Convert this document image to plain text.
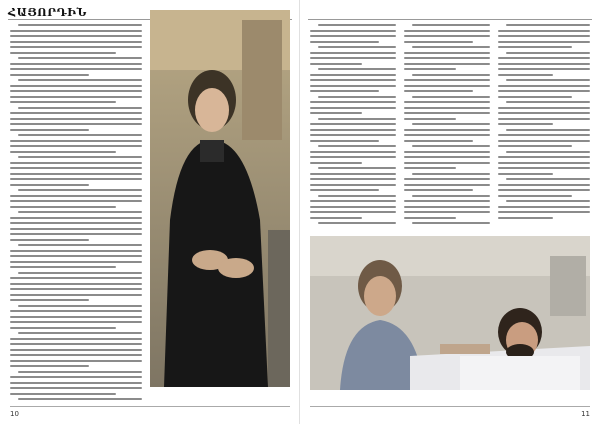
ՀԱՅՈՐԴԻՆ
10	11
